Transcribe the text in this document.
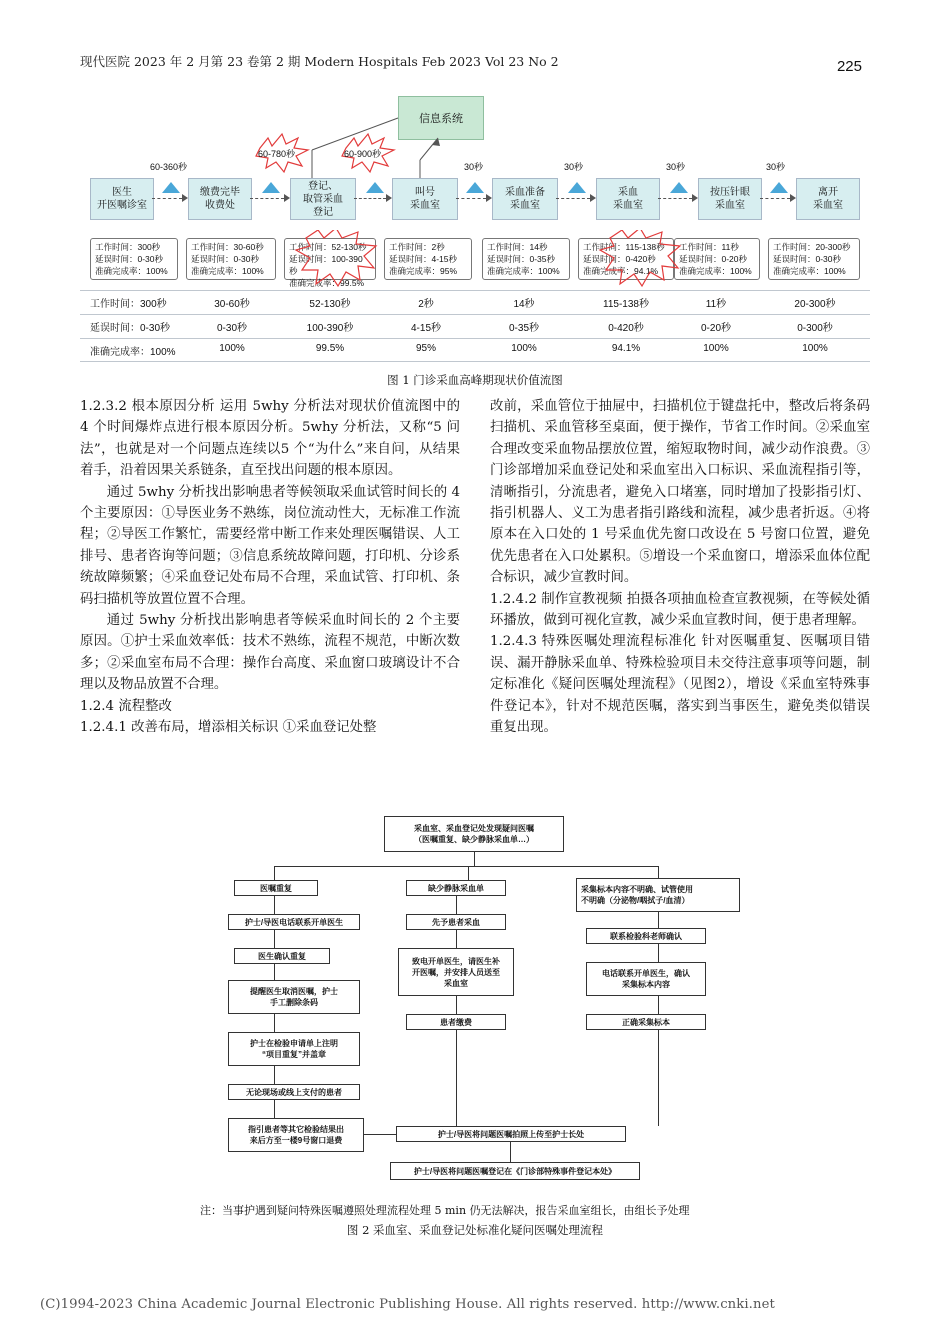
现代医院 2023 年 2 月第 23 卷第 2 期 Modern Hospitals Feb 2023 Vol 23 No 2	225
信息系统
60-360秒
60-780秒	60-900秒
30秒	30秒	30秒	30秒
医生
开医嘱诊室
缴费完毕
收费处
登记、
取管采血
登记
叫号
采血室
采血准备
采血室
采血
采血室
按压针眼
采血室
离开
采血室
工作时间：300秒
延误时间：0-30秒
准确完成率：100%
工作时间：30-60秒
延误时间：0-30秒
准确完成率：100%
工作时间：52-130秒
延误时间：100-390秒
准确完成率：99.5%
工作时间：2秒
延误时间：4-15秒
准确完成率：95%
工作时间：14秒
延误时间：0-35秒
准确完成率：100%
工作时间：115-138秒
延误时间：0-420秒
准确完成率：94.1%
工作时间：11秒
延误时间：0-20秒
准确完成率：100%
工作时间：20-300秒
延误时间：0-30秒
准确完成率：100%
工作时间：300秒	30-60秒	52-130秒	2秒	14秒	115-138秒	11秒	20-300秒
延误时间：0-30秒	0-30秒	100-390秒	4-15秒	0-35秒	0-420秒	0-20秒	0-300秒
准确完成率：100%	100%	99.5%	95%	100%	94.1%	100%	100%
图 1 门诊采血高峰期现状价值流图

1.2.3.2 根本原因分析 运用 5why 分析法对现状价值流图中的 4 个时间爆炸点进行根本原因分析。5why 分析法，又称“5 问法”，也就是对一个问题点连续以5 个“为什么”来自问，从结果着手，沿着因果关系链条，直至找出问题的根本原因。

通过 5why 分析找出影响患者等候领取采血试管时间长的 4 个主要原因：①导医业务不熟练，岗位流动性大，无标准工作流程；②导医工作繁忙，需要经常中断工作来处理医嘱错误、人工排号、患者咨询等问题；③信息系统故障问题，打印机、分诊系统故障频繁；④采血登记处布局不合理，采血试管、打印机、条码扫描机等放置位置不合理。

通过 5why 分析找出影响患者等候采血时间长的 2 个主要原因。①护士采血效率低：技术不熟练，流程不规范，中断次数多；②采血室布局不合理：操作台高度、采血窗口玻璃设计不合理以及物品放置不合理。

1.2.4 流程整改

1.2.4.1 改善布局，增添相关标识 ①采血登记处整

改前，采血管位于抽屉中，扫描机位于键盘托中，整改后将条码扫描机、采血管移至桌面，便于操作，节省工作时间。②采血室合理改变采血物品摆放位置，缩短取物时间，减少动作浪费。③门诊部增加采血登记处和采血室出入口标识、采血流程指引等，清晰指引，分流患者，避免入口堵塞，同时增加了投影指引灯、指引机器人、义工为患者指引路线和流程，减少患者折返。④将原本在入口处的 1 号采血优先窗口改设在 5 号窗口位置，避免优先患者在入口处累积。⑤增设一个采血窗口，增添采血体位配合标识，减少宣教时间。

1.2.4.2 制作宣教视频 拍摄各项抽血检查宣教视频，在等候处循环播放，做到可视化宣教，减少采血宣教时间，便于患者理解。

1.2.4.3 特殊医嘱处理流程标准化 针对医嘱重复、医嘱项目错误、漏开静脉采血单、特殊检验项目未交待注意事项等问题，制定标准化《疑问医嘱处理流程》（见图2），增设《采血室特殊事件登记本》，针对不规范医嘱，落实到当事医生，避免类似错误重复出现。

采血室、采血登记处发现疑问医嘱
（医嘱重复、缺少静脉采血单…）
医嘱重复
护士/导医电话联系开单医生
医生确认重复
提醒医生取消医嘱，护士
手工删除条码
护士在检验申请单上注明
“项目重复”并盖章
无论现场或线上支付的患者
指引患者等其它检验结果出
来后方至一楼9号窗口退费
缺少静脉采血单
先予患者采血
致电开单医生，请医生补
开医嘱，并安排人员送至
采血室
患者缴费
采集标本内容不明确、试管使用
不明确（分泌物/咽拭子/血清）
联系检验科老师确认
电话联系开单医生，确认
采集标本内容
正确采集标本
护士/导医将问题医嘱拍照上传至护士长处
护士/导医将问题医嘱登记在《门诊部特殊事件登记本处》
注：当事护遇到疑问特殊医嘱遵照处理流程处理 5 min 仍无法解决，报告采血室组长，由组长予处理
图 2 采血室、采血登记处标准化疑问医嘱处理流程
(C)1994-2023 China Academic Journal Electronic Publishing House. All rights reserved. http://www.cnki.net
